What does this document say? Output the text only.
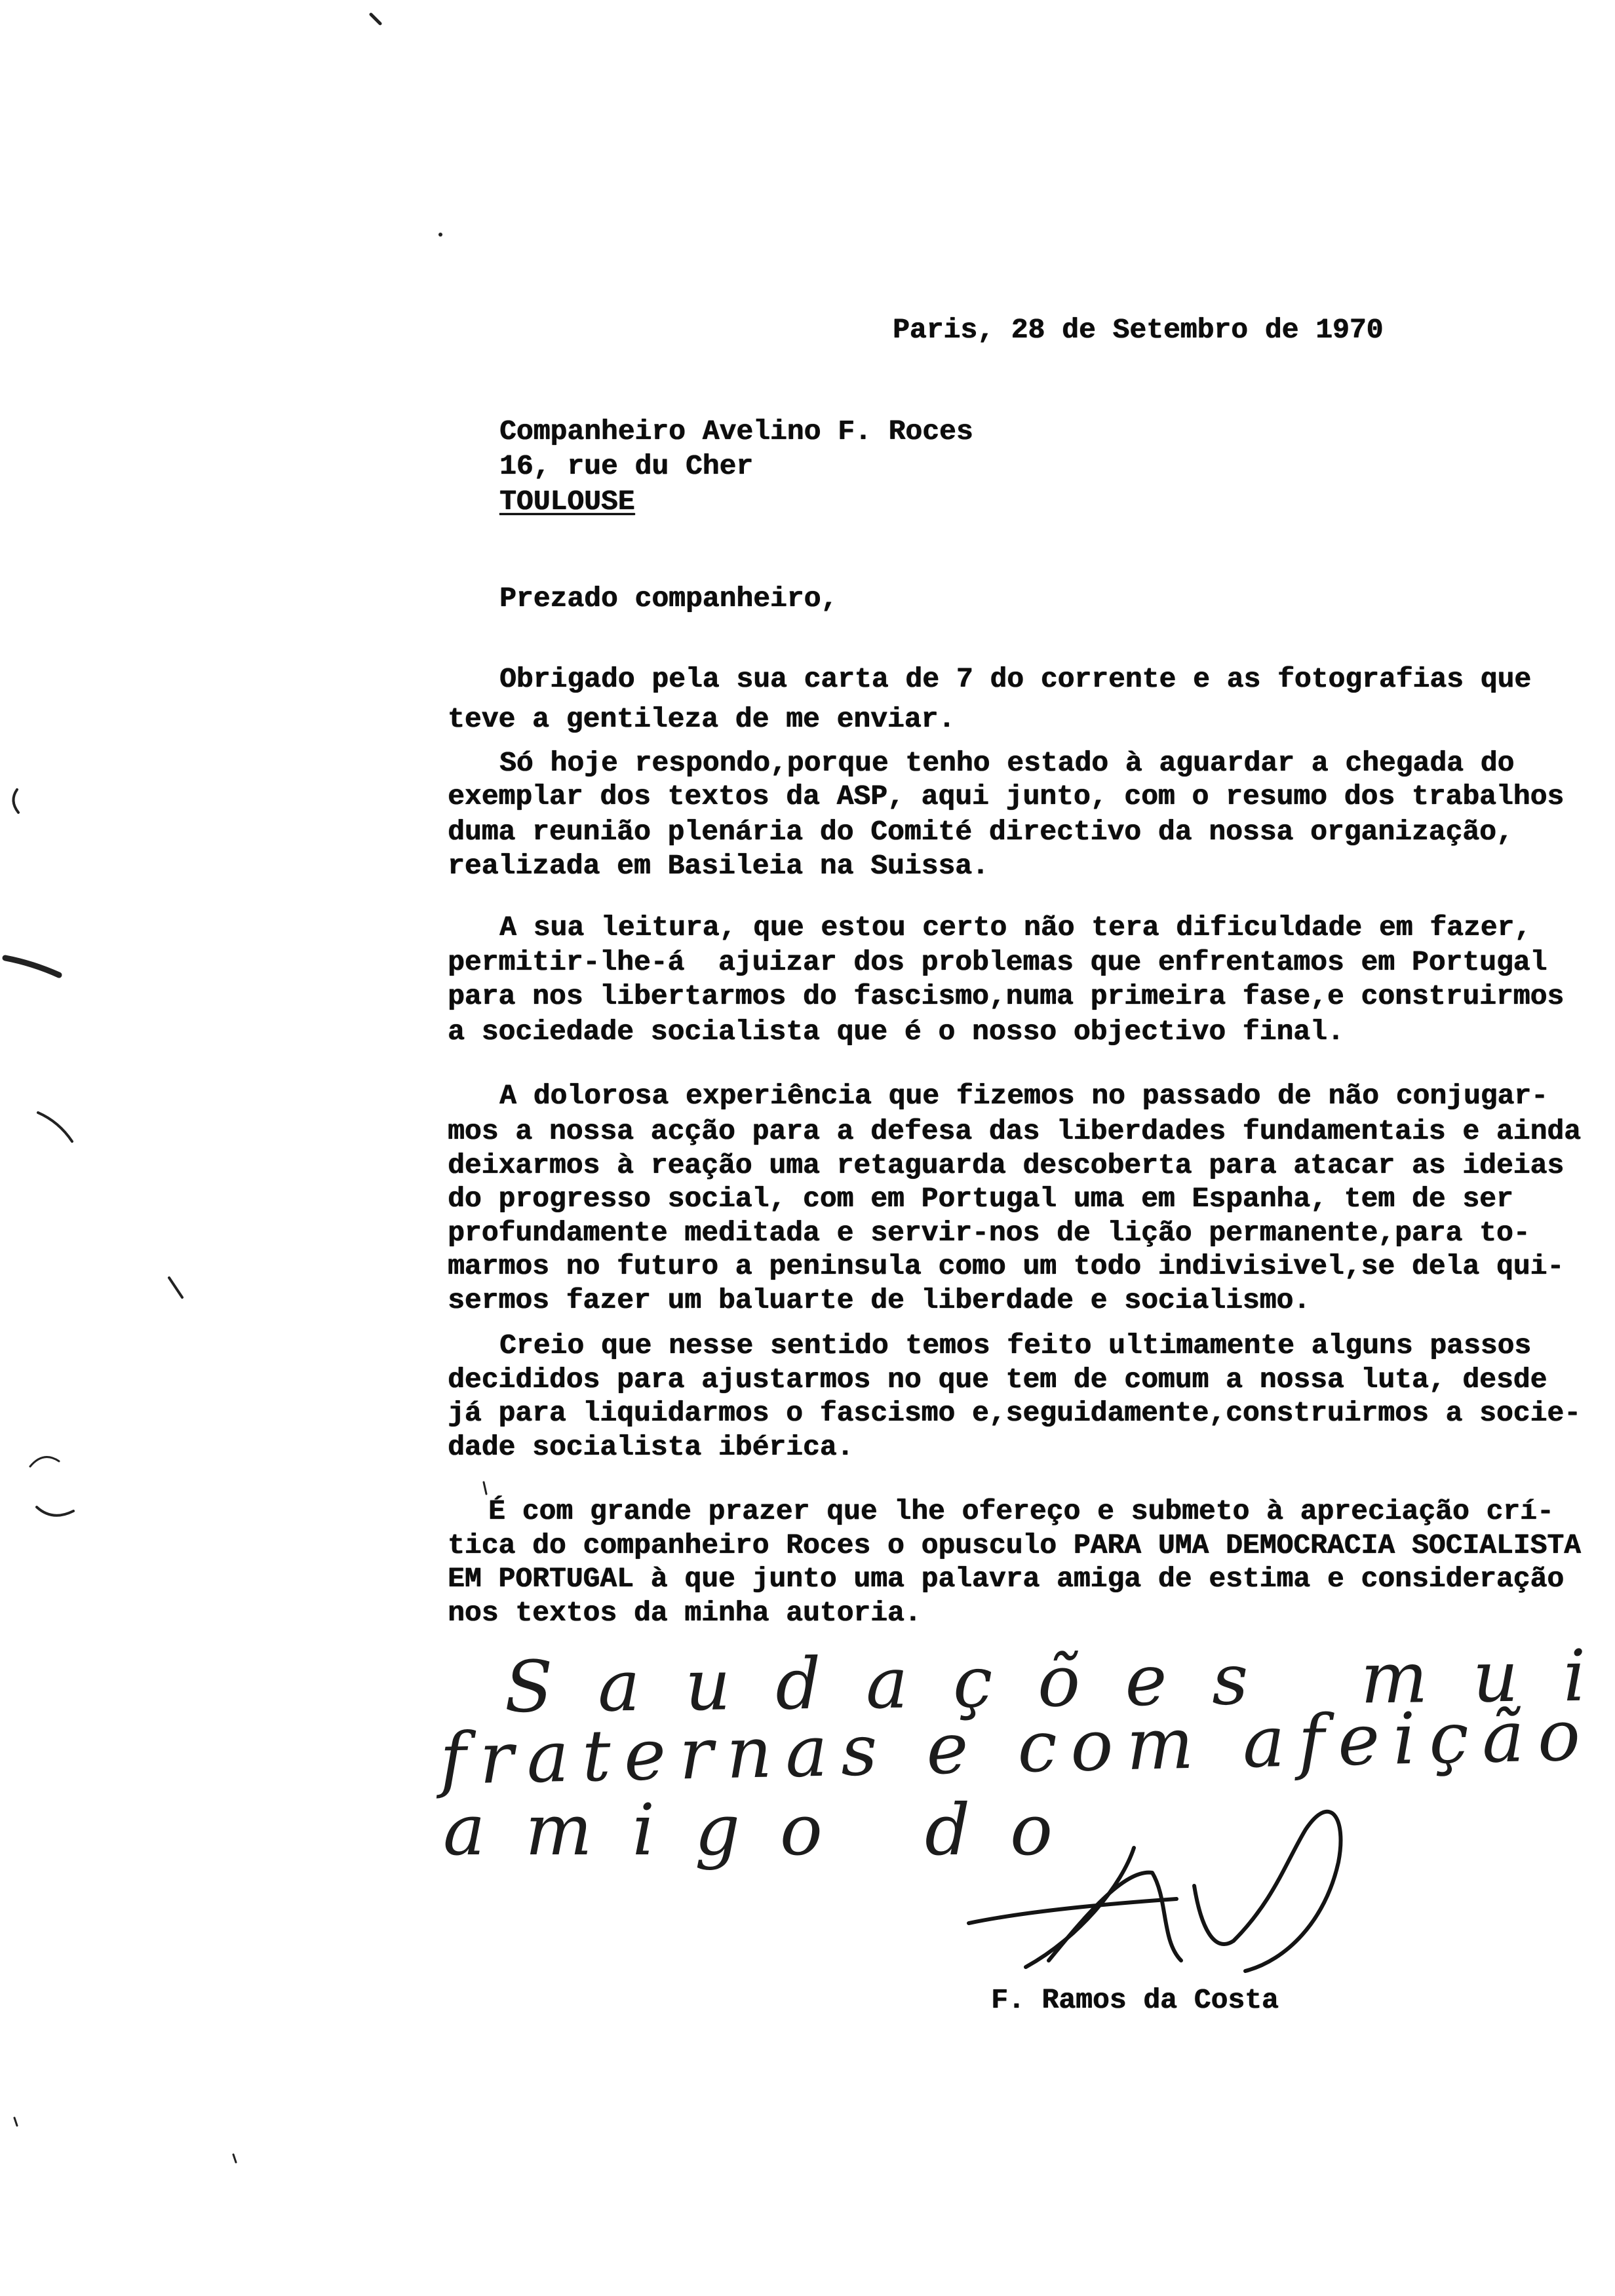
Paris, 28 de Setembro de 1970
Companheiro Avelino F. Roces
16, rue du Cher
TOULOUSE
Prezado companheiro,
Obrigado pela sua carta de 7 do corrente e as fotografias que
teve a gentileza de me enviar.
Só hoje respondo,porque tenho estado à aguardar a chegada do
exemplar dos textos da ASP, aqui junto, com o resumo dos trabalhos
duma reunião plenária do Comité directivo da nossa organização,
realizada em Basileia na Suissa.
A sua leitura, que estou certo não tera dificuldade em fazer,
permitir-lhe-á  ajuizar dos problemas que enfrentamos em Portugal
para nos libertarmos do fascismo,numa primeira fase,e construirmos
a sociedade socialista que é o nosso objectivo final.
A dolorosa experiência que fizemos no passado de não conjugar-
mos a nossa acção para a defesa das liberdades fundamentais e ainda
deixarmos à reação uma retaguarda descoberta para atacar as ideias
do progresso social, com em Portugal uma em Espanha, tem de ser
profundamente meditada e servir-nos de lição permanente,para to-
marmos no futuro a peninsula como um todo indivisivel,se dela qui-
sermos fazer um baluarte de liberdade e socialismo.
Creio que nesse sentido temos feito ultimamente alguns passos
decididos para ajustarmos no que tem de comum a nossa luta, desde
já para liquidarmos o fascismo e,seguidamente,construirmos a socie-
dade socialista ibérica.
É com grande prazer que lhe ofereço e submeto à apreciação crí-
tica do companheiro Roces o opusculo PARA UMA DEMOCRACIA SOCIALISTA
EM PORTUGAL à que junto uma palavra amiga de estima e consideração
nos textos da minha autoria.
F. Ramos da Costa
Saudações mui
fraternas e com afeição
amigo do
